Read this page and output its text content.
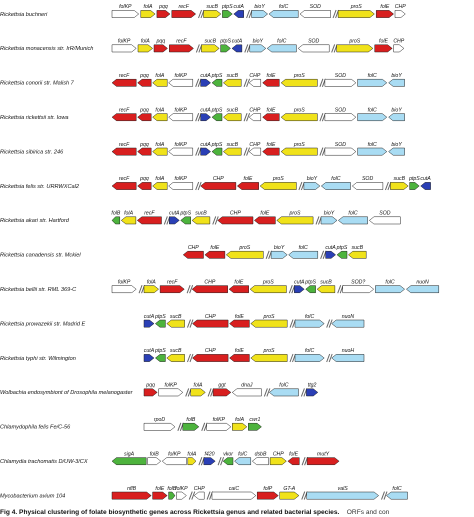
Rickettsia buchneri
folKP folA pqq recF	sucB ptpS cutA bioY	folC	SOD	proS	folE CHP
Rickettsia monacensis str. IrR/Munich
folKP folA pqq recF	sucB ptpS cutA bioY	folC	SOD	proS	folE CHP
Rickettsia conorii str. Malish 7
recF pqq folA folKP	cutA ptpS sucB CHP folE	proS	SOD	folC	bioY
Rickettsia rickettsii str. Iowa
recF pqq folA folKP	cutA ptpS sucB CHP folE	proS	SOD	folC	bioY
Rickettsia sibirica str. 246
recF pqq folA folKP	cutA ptpS sucB CHP folE	proS	SOD	folC	bioY
Rickettsia felis str. URRWXCal2
recF pqq folA folKP	CHP	folE	proS	bioY	folC	SOD	sucB ptpS cutA
Rickettsia akari str. Hartford
folB folA recF	cutA ptpS sucB	CHP	folE	proS	bioY	folC	SOD
Rickettsia canadensis str. Mckiel
CHP folE	proS	bioY	folC	cutA ptpS sucB
Rickettsia bellii str. RML 369-C
folKP	folA recF	CHP	folE	proS	cutA ptpS sucB	SOD?	folC	nuoN
Rickettsia prowazekii str. Madrid E
cutA ptpS sucB	CHP	folE	proS	folC	nuoN
Rickettsia typhi str. Wilmington
cutA ptpS sucB	CHP	folE	proS	folC	nuoH
Wolbachia endosymbiont of Drosophila melanogaster
pqq folKP	folA	ggt	dnaJ	folC	ttg2
Chlamydophila felis Fe/C-56
rpoD	folB	folKP folA cwr1
Chlamydia trachomatis D/UW-3/CX
sigA	folB folKP folA f420 vkor folC dsbB CHP folE	mutY
Mycobacterium avium 104
nflB	folE folB
folKP CHP	caiC	folP GT-A	valS	folC
Fig 4. Physical clustering of folate biosynthetic genes across Rickettsia genus and related bacterial species. ORFs and con
